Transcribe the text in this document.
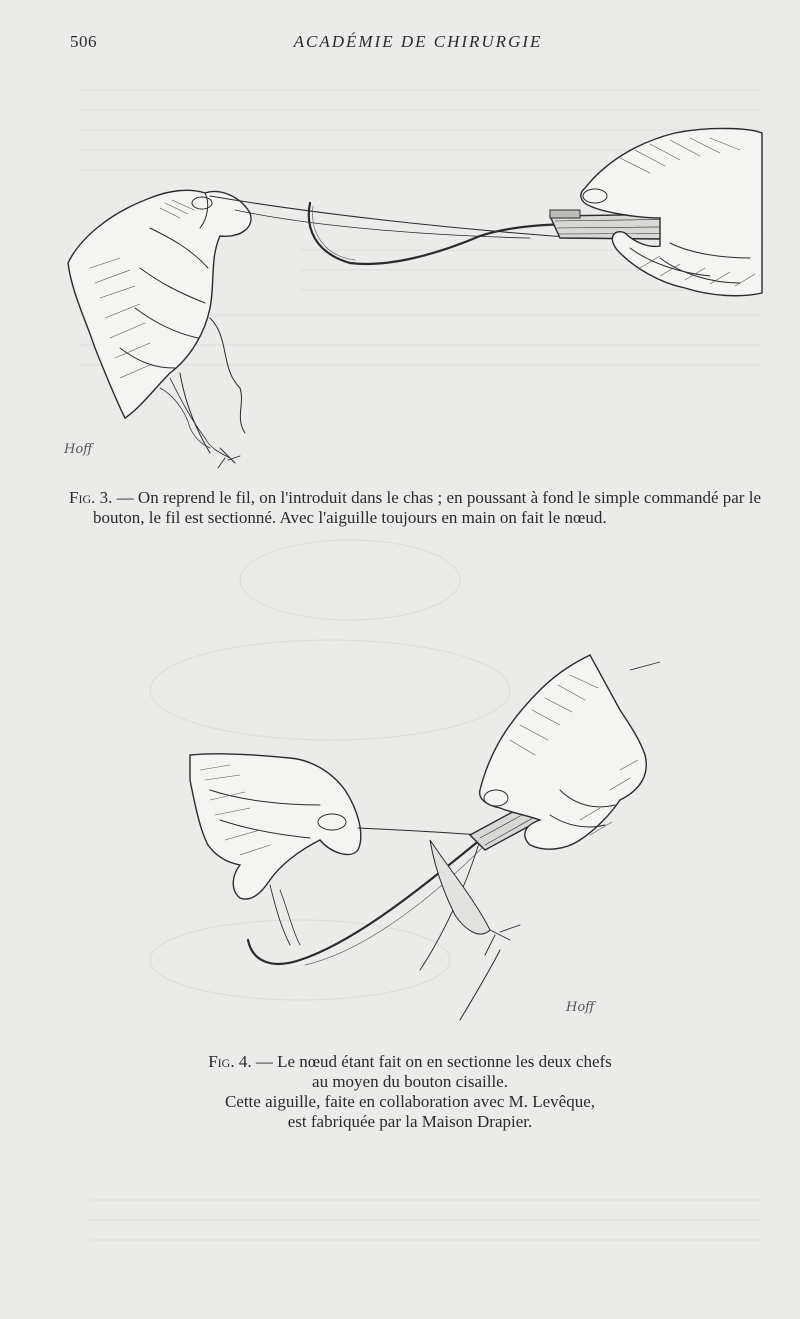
506	ACADÉMIE DE CHIRURGIE
Hoff
Fig. 3. — On reprend le fil, on l'introduit dans le chas ; en poussant à fond le simple commandé par le bouton, le fil est sectionné. Avec l'aiguille toujours en main on fait le nœud.
Hoff
Fig. 4. — Le nœud étant fait on en sectionne les deux chefs
au moyen du bouton cisaille.
Cette aiguille, faite en collaboration avec M. Levêque,
est fabriquée par la Maison Drapier.
